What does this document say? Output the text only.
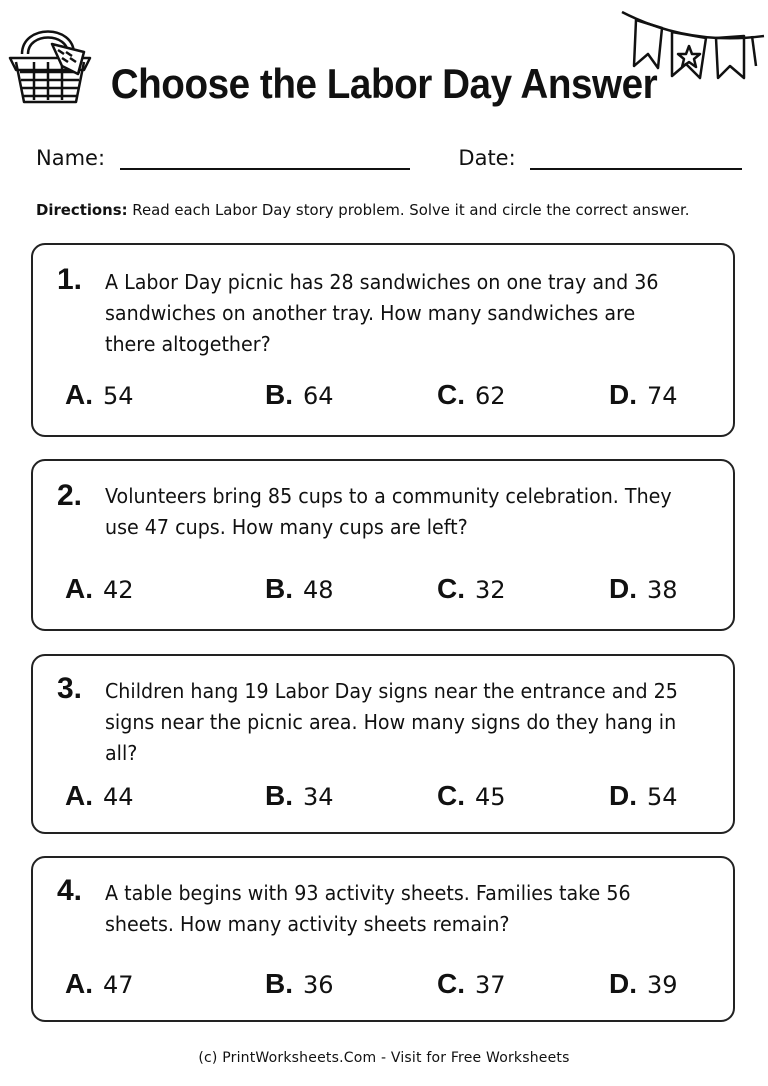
Choose the Labor Day Answer
Name:	Date:
Directions: Read each Labor Day story problem. Solve it and circle the correct answer.
1. A Labor Day picnic has 28 sandwiches on one tray and 36 sandwiches on another tray. How many sandwiches are there altogether?
A. 54	B. 64	C. 62	D. 74
2. Volunteers bring 85 cups to a community celebration. They use 47 cups. How many cups are left?
A. 42	B. 48	C. 32	D. 38
3. Children hang 19 Labor Day signs near the entrance and 25 signs near the picnic area. How many signs do they hang in all?
A. 44	B. 34	C. 45	D. 54
4. A table begins with 93 activity sheets. Families take 56 sheets. How many activity sheets remain?
A. 47	B. 36	C. 37	D. 39
(c) PrintWorksheets.Com - Visit for Free Worksheets
